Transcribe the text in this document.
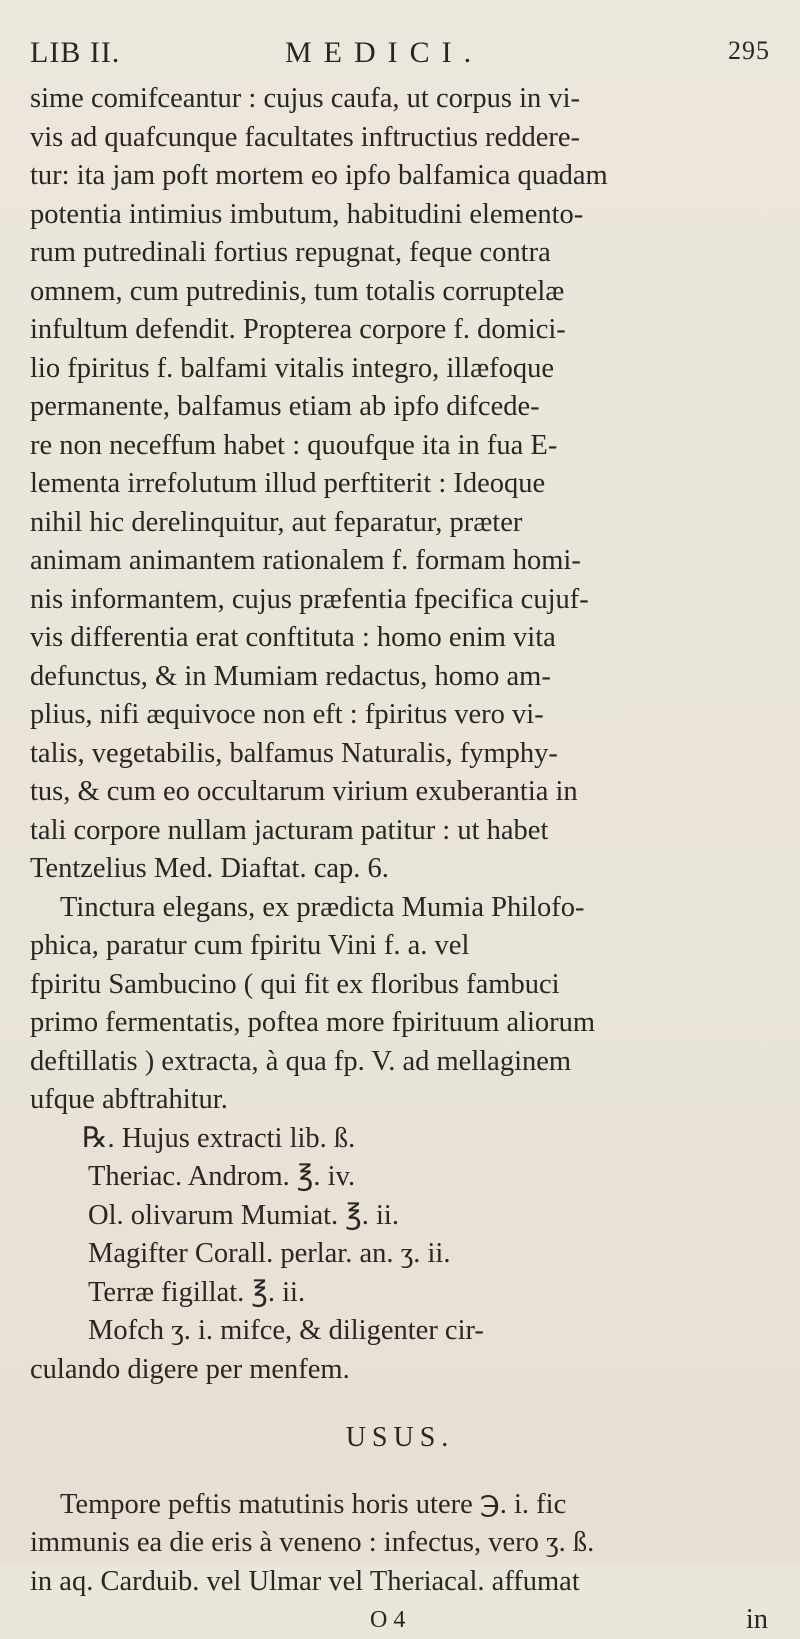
LIB II.	MEDICI.	295
sime comifceantur : cujus caufa, ut corpus in vi-
vis ad quafcunque facultates inftructius reddere-
tur: ita jam poft mortem eo ipfo balfamica quadam
potentia intimius imbutum, habitudini elemento-
rum putredinali fortius repugnat, feque contra
omnem, cum putredinis, tum totalis corruptelæ
infultum defendit. Propterea corpore f. domici-
lio fpiritus f. balfami vitalis integro, illæfoque
permanente, balfamus etiam ab ipfo difcede-
re non neceffum habet : quoufque ita in fua E-
lementa irrefolutum illud perftiterit : Ideoque
nihil hic derelinquitur, aut feparatur, præter
animam animantem rationalem f. formam homi-
nis informantem, cujus præfentia fpecifica cujuf-
vis differentia erat conftituta : homo enim vita
defunctus, & in Mumiam redactus, homo am-
plius, nifi æquivoce non eft : fpiritus vero vi-
talis, vegetabilis, balfamus Naturalis, fymphy-
tus, & cum eo occultarum virium exuberantia in
tali corpore nullam jacturam patitur : ut habet
Tentzelius Med. Diaftat. cap. 6.
Tinctura elegans, ex prædicta Mumia Philofo-
phica, paratur cum fpiritu Vini f. a. vel
fpiritu Sambucino ( qui fit ex floribus fambuci
primo fermentatis, poftea more fpirituum aliorum
deftillatis ) extracta, à qua fp. V. ad mellaginem
ufque abftrahitur.
℞. Hujus extracti lib. ß.
Theriac. Androm. ℥. iv.
Ol. olivarum Mumiat. ℥. ii.
Magifter Corall. perlar. an. ʒ. ii.
Terræ figillat. ℥. ii.
Mofch ʒ. i. mifce, & diligenter cir-
culando digere per menfem.
USUS.
Tempore peftis matutinis horis utere ℈. i. fic
immunis ea die eris à veneno : infectus, vero ʒ. ß.
in aq. Carduib. vel Ulmar vel Theriacal. affumat
O 4	in
